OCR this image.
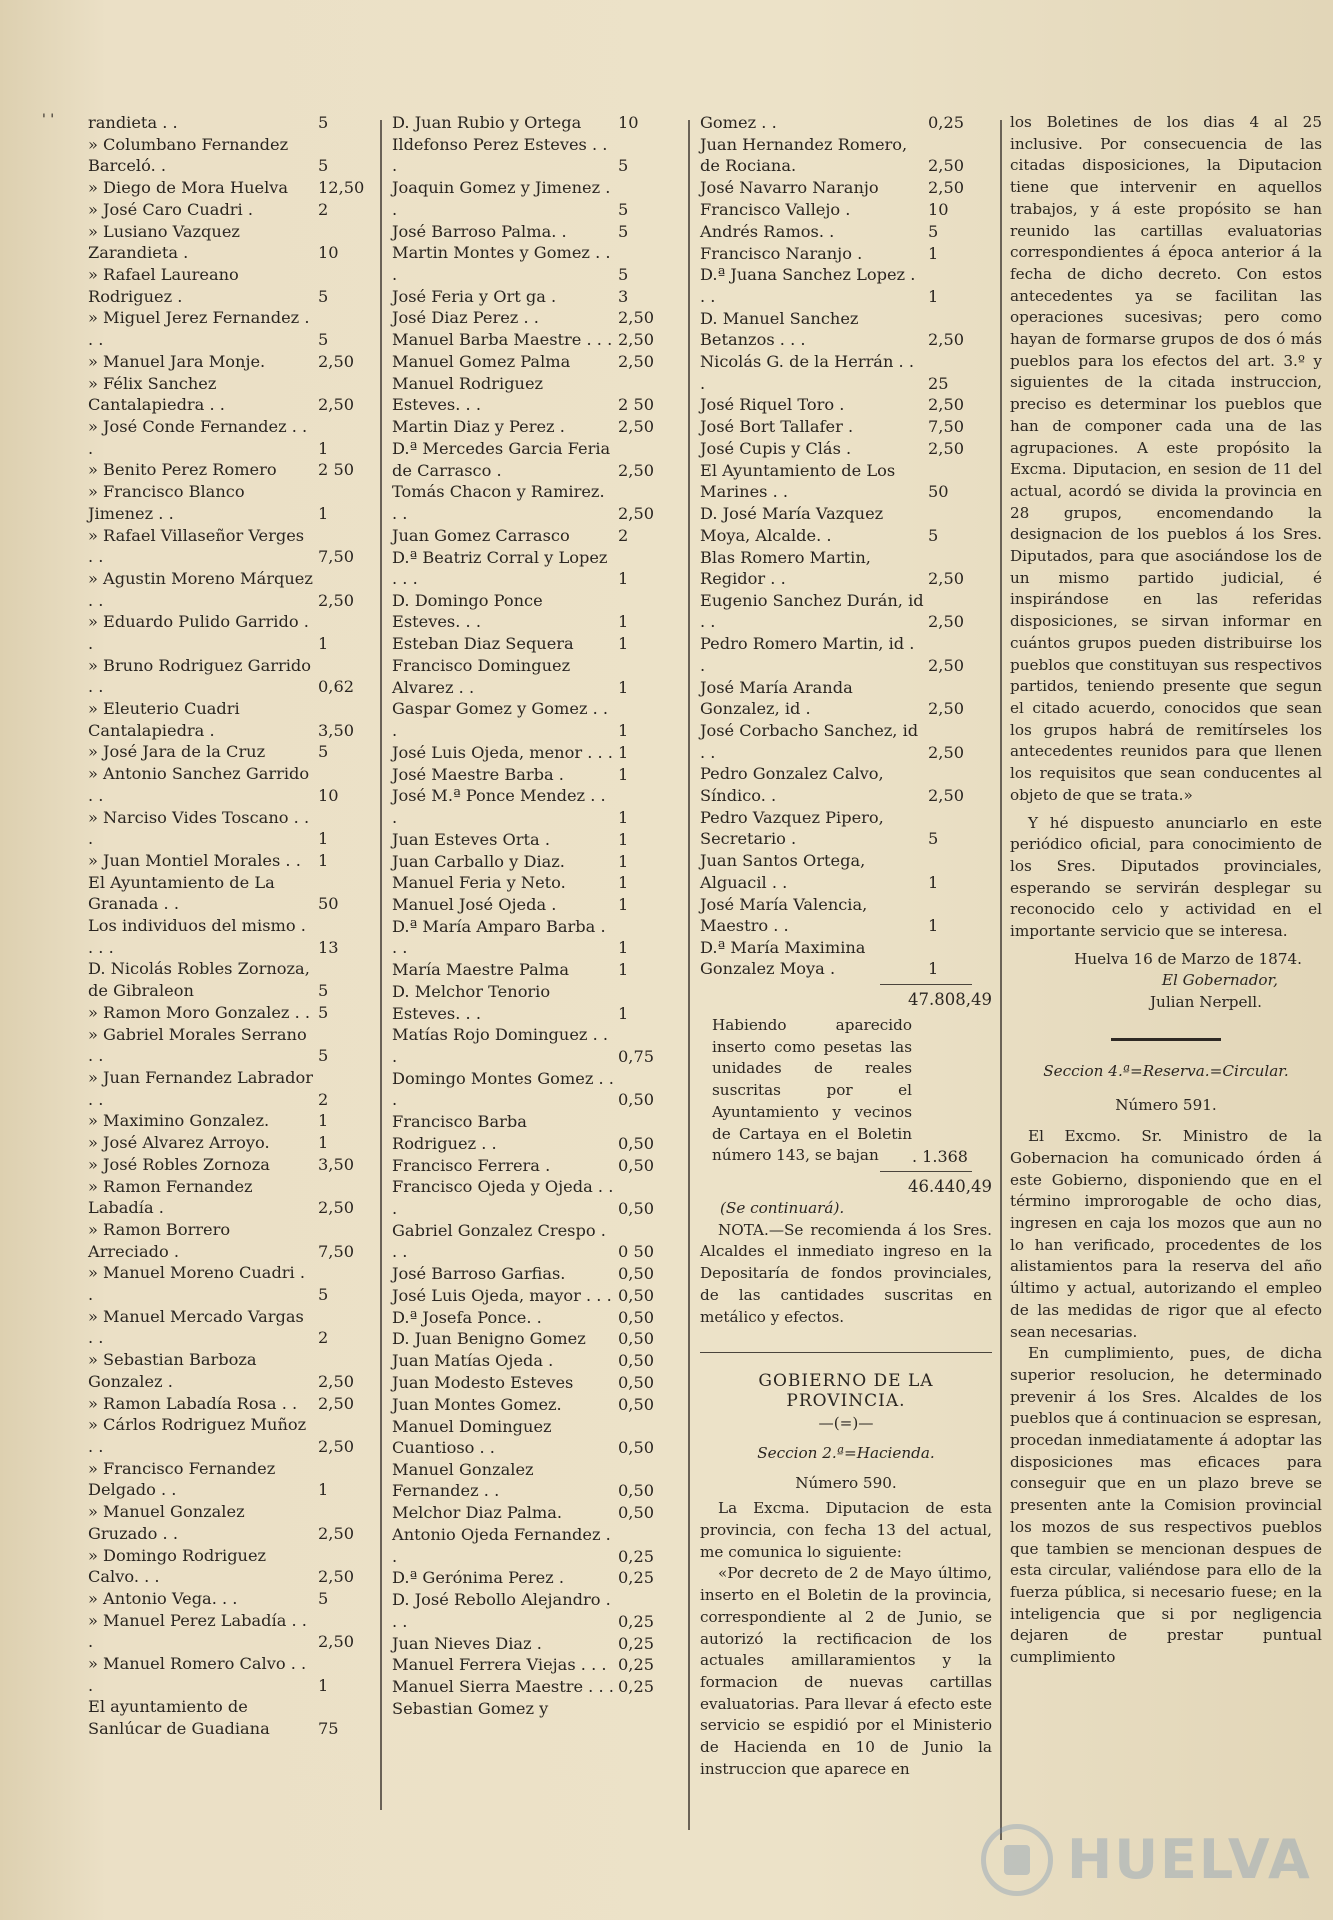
' ' randieta . .	5
» Columbano Fernandez Barceló. .	5
» Diego de Mora Huelva	12,50
» José Caro Cuadri .	2
» Lusiano Vazquez Zarandieta .	10
» Rafael Laureano Rodriguez .	5
» Miguel Jerez Fernandez . . .	5
» Manuel Jara Monje.	2,50
» Félix Sanchez Cantalapiedra . .	2,50
» José Conde Fernandez . . .	1
» Benito Perez Romero	2 50
» Francisco Blanco Jimenez . .	1
» Rafael Villaseñor Verges . .	7,50
» Agustin Moreno Márquez . .	2,50
» Eduardo Pulido Garrido . .	1
» Bruno Rodriguez Garrido . .	0,62
» Eleuterio Cuadri Cantalapiedra .	3,50
» José Jara de la Cruz	5
» Antonio Sanchez Garrido . .	10
» Narciso Vides Toscano . . .	1
» Juan Montiel Morales . .	1
El Ayuntamiento de La Granada . .	50
Los individuos del mismo . . . .	13
D. Nicolás Robles Zornoza, de Gibraleon	5
» Ramon Moro Gonzalez . . 5
» Gabriel Morales Serrano . .	5
» Juan Fernandez Labrador . .	2
» Maximino Gonzalez.	1
» José Alvarez Arroyo.	1
» José Robles Zornoza	3,50
» Ramon Fernandez Labadía .	2,50
» Ramon Borrero Arreciado .	7,50
» Manuel Moreno Cuadri . .	5
» Manuel Mercado Vargas . .	2
» Sebastian Barboza Gonzalez .	2,50
» Ramon Labadía Rosa . .	2,50
» Cárlos Rodriguez Muñoz . .	2,50
» Francisco Fernandez Delgado . .	1
» Manuel Gonzalez Gruzado . .	2,50
» Domingo Rodriguez Calvo. . .	2,50
» Antonio Vega. . .	5
» Manuel Perez Labadía . . .	2,50
» Manuel Romero Calvo . . .	1
El ayuntamiento de Sanlúcar de Guadiana	75
D. Juan Rubio y Ortega	10
Ildefonso Perez Esteves . . .	5
Joaquin Gomez y Jimenez . .	5
José Barroso Palma. .	5
Martin Montes y Gomez . . .	5
José Feria y Ort ga .	3
José Diaz Perez . .	2,50
Manuel Barba Maestre . . . 2,50
Manuel Gomez Palma	2,50
Manuel Rodriguez Esteves. . .	2 50
Martin Diaz y Perez .	2,50
D.ª Mercedes Garcia Feria de Carrasco .	2,50
Tomás Chacon y Ramirez. . .	2,50
Juan Gomez Carrasco	2
D.ª Beatriz Corral y Lopez . . .	1
D. Domingo Ponce Esteves. . .	1
Esteban Diaz Sequera	1
Francisco Dominguez Alvarez . .	1
Gaspar Gomez y Gomez . . .	1
José Luis Ojeda, menor . . . 1
José Maestre Barba .	1
José M.ª Ponce Mendez . . .	1
Juan Esteves Orta .	1
Juan Carballo y Diaz.	1
Manuel Feria y Neto.	1
Manuel José Ojeda .	1
D.ª María Amparo Barba . . .	1
María Maestre Palma	1
D. Melchor Tenorio Esteves. . .	1
Matías Rojo Dominguez . . .	0,75
Domingo Montes Gomez . . .	0,50
Francisco Barba Rodriguez . .	0,50
Francisco Ferrera .	0,50
Francisco Ojeda y Ojeda . . .	0,50
Gabriel Gonzalez Crespo . . .	0 50
José Barroso Garfias.	0,50
José Luis Ojeda, mayor . . . 0,50
D.ª Josefa Ponce. .	0,50
D. Juan Benigno Gomez	0,50
Juan Matías Ojeda .	0,50
Juan Modesto Esteves	0,50
Juan Montes Gomez.	0,50
Manuel Dominguez Cuantioso . .	0,50
Manuel Gonzalez Fernandez . .	0,50
Melchor Diaz Palma.	0,50
Antonio Ojeda Fernandez . .	0,25
D.ª Gerónima Perez .	0,25
D. José Rebollo Alejandro . . .	0,25
Juan Nieves Diaz .	0,25
Manuel Ferrera Viejas . . . 0,25
Manuel Sierra Maestre . . . 0,25
Sebastian Gomez y
Gomez . .	0,25
Juan Hernandez Romero, de Rociana.	2,50
José Navarro Naranjo	2,50
Francisco Vallejo .	10
Andrés Ramos. .	5
Francisco Naranjo .	1
D.ª Juana Sanchez Lopez . . .	1
D. Manuel Sanchez Betanzos . . .	2,50
Nicolás G. de la Herrán . . .	25
José Riquel Toro .	2,50
José Bort Tallafer .	7,50
José Cupis y Clás .	2,50
El Ayuntamiento de Los Marines . .	50
D. José María Vazquez Moya, Alcalde. .	5
Blas Romero Martin, Regidor . .	2,50
Eugenio Sanchez Durán, id . .	2,50
Pedro Romero Martin, id . .	2,50
José María Aranda Gonzalez, id .	2,50
José Corbacho Sanchez, id . .	2,50
Pedro Gonzalez Calvo, Síndico. .	2,50
Pedro Vazquez Pipero, Secretario .	5
Juan Santos Ortega, Alguacil . .	1
José María Valencia, Maestro . .	1
D.ª María Maximina Gonzalez Moya .	1
47.808,49

Habiendo aparecido inserto como pesetas las unidades de reales suscritas por el Ayuntamiento y vecinos de Cartaya en el Boletin número 143, se bajan	. 1.368
46.440,49

(Se continuará).

NOTA.—Se recomienda á los Sres. Alcaldes el inmediato ingreso en la Depositaría de fondos provinciales, de las cantidades suscritas en metálico y efectos.

GOBIERNO DE LA PROVINCIA.

—(=)—

Seccion 2.ª=Hacienda.

Número 590.

La Excma. Diputacion de esta provincia, con fecha 13 del actual, me comunica lo siguiente:

«Por decreto de 2 de Mayo último, inserto en el Boletin de la provincia, correspondiente al 2 de Junio, se autorizó la rectificacion de los actuales amillaramientos y la formacion de nuevas cartillas evaluatorias. Para llevar á efecto este servicio se espidió por el Ministerio de Hacienda en 10 de Junio la instruccion que aparece en

los Boletines de los dias 4 al 25 inclusive. Por consecuencia de las citadas disposiciones, la Diputacion tiene que intervenir en aquellos trabajos, y á este propósito se han reunido las cartillas evaluatorias correspondientes á época anterior á la fecha de dicho decreto. Con estos antecedentes ya se facilitan las operaciones sucesivas; pero como hayan de formarse grupos de dos ó más pueblos para los efectos del art. 3.º y siguientes de la citada instruccion, preciso es determinar los pueblos que han de componer cada una de las agrupaciones. A este propósito la Excma. Diputacion, en sesion de 11 del actual, acordó se divida la provincia en 28 grupos, encomendando la designacion de los pueblos á los Sres. Diputados, para que asociándose los de un mismo partido judicial, é inspirándose en las referidas disposiciones, se sirvan informar en cuántos grupos pueden distribuirse los pueblos que constituyan sus respectivos partidos, teniendo presente que segun el citado acuerdo, conocidos que sean los grupos habrá de remitírseles los antecedentes reunidos para que llenen los requisitos que sean conducentes al objeto de que se trata.»

Y hé dispuesto anunciarlo en este periódico oficial, para conocimiento de los Sres. Diputados provinciales, esperando se servirán desplegar su reconocido celo y actividad en el importante servicio que se interesa.

Huelva 16 de Marzo de 1874.

El Gobernador,

Julian Nerpell.

Seccion 4.ª=Reserva.=Circular.

Número 591.

El Excmo. Sr. Ministro de la Gobernacion ha comunicado órden á este Gobierno, disponiendo que en el término improrogable de ocho dias, ingresen en caja los mozos que aun no lo han verificado, procedentes de los alistamientos para la reserva del año último y actual, autorizando el empleo de las medidas de rigor que al efecto sean necesarias.

En cumplimiento, pues, de dicha superior resolucion, he determinado prevenir á los Sres. Alcaldes de los pueblos que á continuacion se espresan, procedan inmediatamente á adoptar las disposiciones mas eficaces para conseguir que en un plazo breve se presenten ante la Comision provincial los mozos de sus respectivos pueblos que tambien se mencionan despues de esta circular, valiéndose para ello de la fuerza pública, si necesario fuese; en la inteligencia que si por negligencia dejaren de prestar puntual cumplimiento

HUELVA
